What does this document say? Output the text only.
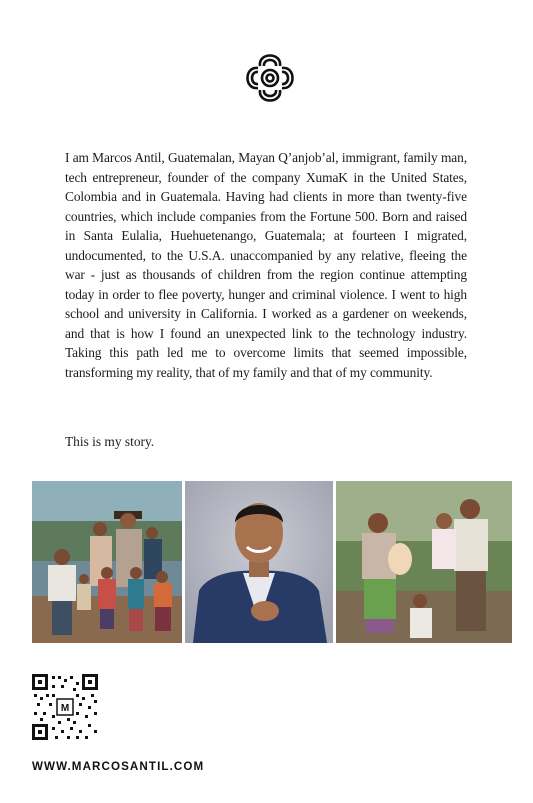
I am Marcos Antil, Guatemalan, Mayan Q’anjob’al, immigrant, family man, tech entrepreneur, founder of the company XumaK in the United States, Colombia and in Guatemala. Having had clients in more than twenty-five countries, which include companies from the Fortune 500. Born and raised in Santa Eulalia, Huehuetenango, Guatemala; at fourteen I migrated, undocumented, to the U.S.A. unaccompanied by any relative, fleeing the war - just as thousands of children from the region continue attempting today in order to flee poverty, hunger and criminal violence. I went to high school and university in California. I worked as a gardener on weekends, and that is how I found an unexpected link to the technology industry. Taking this path led me to overcome limits that seemed impossible, transforming my reality, that of my family and that of my community.

This is my story.

M
WWW.MARCOSANTIL.COM
